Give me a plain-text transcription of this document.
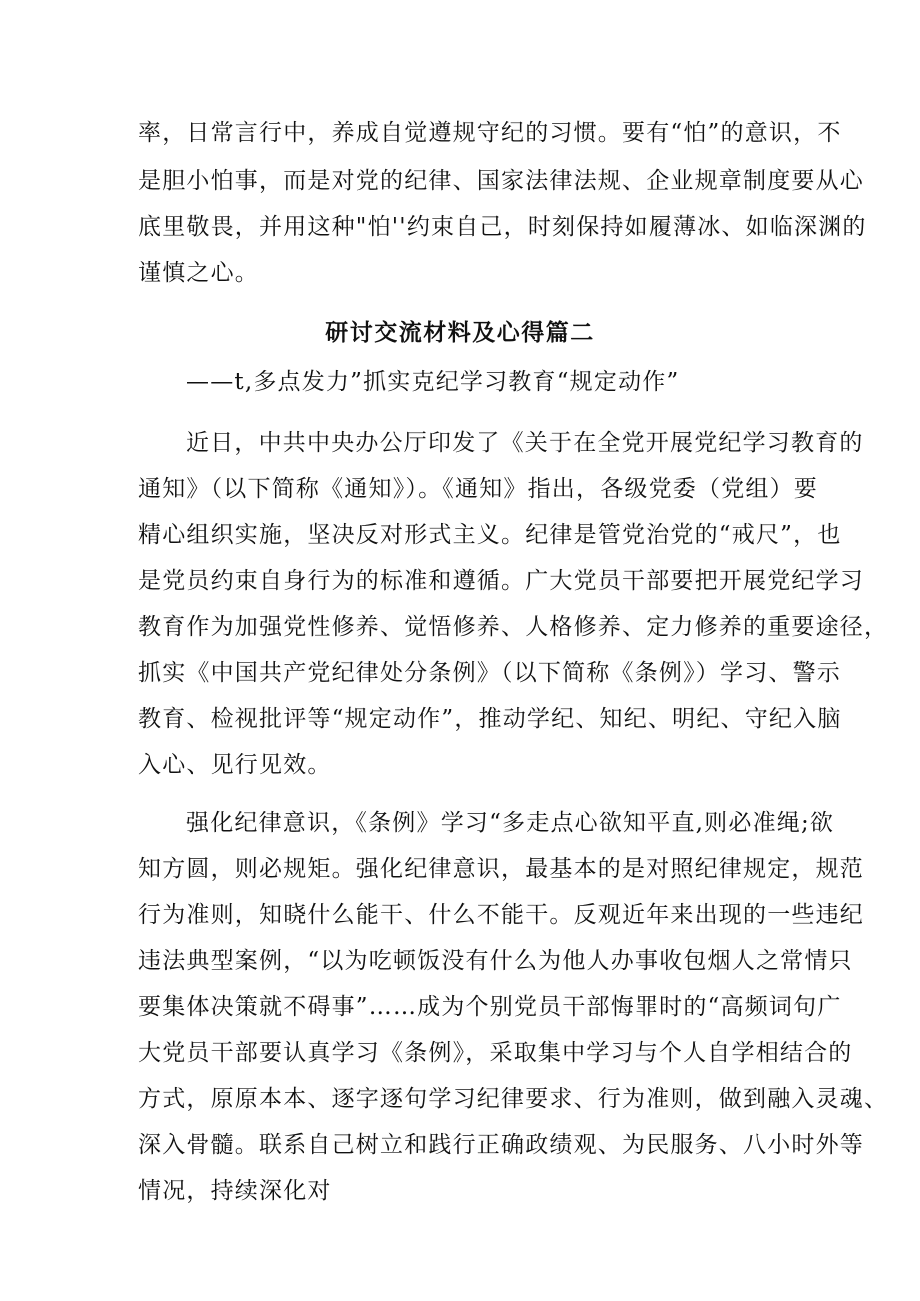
率，日常言行中，养成自觉遵规守纪的习惯。要有“怕”的意识，不
是胆小怕事，而是对党的纪律、国家法律法规、企业规章制度要从心
底里敬畏，并用这种"怕''约束自己，时刻保持如履薄冰、如临深渊的
谨慎之心。
研讨交流材料及心得篇二
——t,多点发力”抓实克纪学习教育“规定动作”
近日，中共中央办公厅印发了《关于在全党开展党纪学习教育的
通知》（以下简称《通知》）。《通知》指出，各级党委（党组）要
精心组织实施，坚决反对形式主义。纪律是管党治党的“戒尺”，也
是党员约束自身行为的标准和遵循。广大党员干部要把开展党纪学习
教育作为加强党性修养、觉悟修养、人格修养、定力修养的重要途径，
抓实《中国共产党纪律处分条例》（以下简称《条例》）学习、警示
教育、检视批评等“规定动作”，推动学纪、知纪、明纪、守纪入脑
入心、见行见效。
强化纪律意识，《条例》学习“多走点心欲知平直,则必准绳;欲
知方圆，则必规矩。强化纪律意识，最基本的是对照纪律规定，规范
行为准则，知晓什么能干、什么不能干。反观近年来出现的一些违纪
违法典型案例，“以为吃顿饭没有什么为他人办事收包烟人之常情只
要集体决策就不碍事”……成为个别党员干部悔罪时的“高频词句广
大党员干部要认真学习《条例》，采取集中学习与个人自学相结合的
方式，原原本本、逐字逐句学习纪律要求、行为准则，做到融入灵魂、
深入骨髓。联系自己树立和践行正确政绩观、为民服务、八小时外等
情况，持续深化对
